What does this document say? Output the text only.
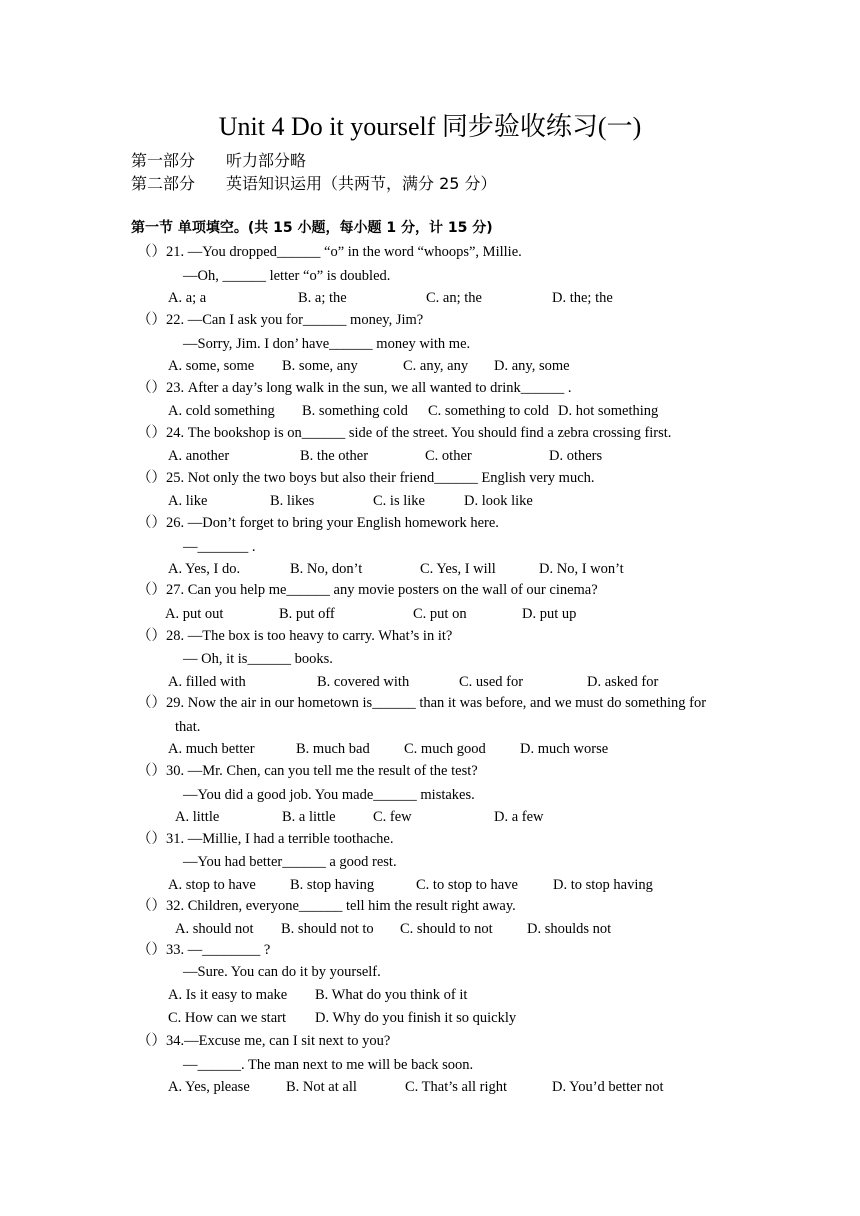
Unit 4 Do it yourself 同步验收练习(一)
第一部分 听力部分略
第二部分 英语知识运用（共两节，满分 25 分）
第一节 单项填空。(共 15 小题，每小题 1 分，计 15 分)
（）21. —You dropped______ “o” in the word “whoops”, Millie.
—Oh, ______ letter “o” is doubled.
A. a; a	B. a; the	C. an; the	D. the; the
（）22. —Can I ask you for______ money, Jim?
—Sorry, Jim. I don’ have______ money with me.
A. some, some B. some, any	C. any, any D. any, some
（）23. After a day’s long walk in the sun, we all wanted to drink______ .
A. cold something B. something cold C. something to cold D. hot something
（）24. The bookshop is on______ side of the street. You should find a zebra crossing first.
A. another	B. the other	C. other	D. others
（）25. Not only the two boys but also their friend______ English very much.
A. like	B. likes	C. is like	D. look like
（）26. —Don’t forget to bring your English homework here.
—_______ .
A. Yes, I do.	B. No, don’t	C. Yes, I will	D. No, I won’t
（）27. Can you help me______ any movie posters on the wall of our cinema?
A. put out	B. put off	C. put on	D. put up
（）28. —The box is too heavy to carry. What’s in it?
— Oh, it is______ books.
A. filled with	B. covered with	C. used for	D. asked for
（）29. Now the air in our hometown is______ than it was before, and we must do something for
that.
A. much better	B. much bad C. much good D. much worse
（）30. —Mr. Chen, can you tell me the result of the test?
—You did a good job. You made______ mistakes.
A. little	B. a little	C. few	D. a few
（）31. —Millie, I had a terrible toothache.
—You had better______ a good rest.
A. stop to have B. stop having	C. to stop to have D. to stop having
（）32. Children, everyone______ tell him the result right away.
A. should not B. should not to C. should to not D. shoulds not
（）33. —________ ?
—Sure. You can do it by yourself.
A. Is it easy to make B. What do you think of it
C. How can we start D. Why do you finish it so quickly
（）34.—Excuse me, can I sit next to you?
—______. The man next to me will be back soon.
A. Yes, please B. Not at all	C. That’s all right	D. You’d better not
